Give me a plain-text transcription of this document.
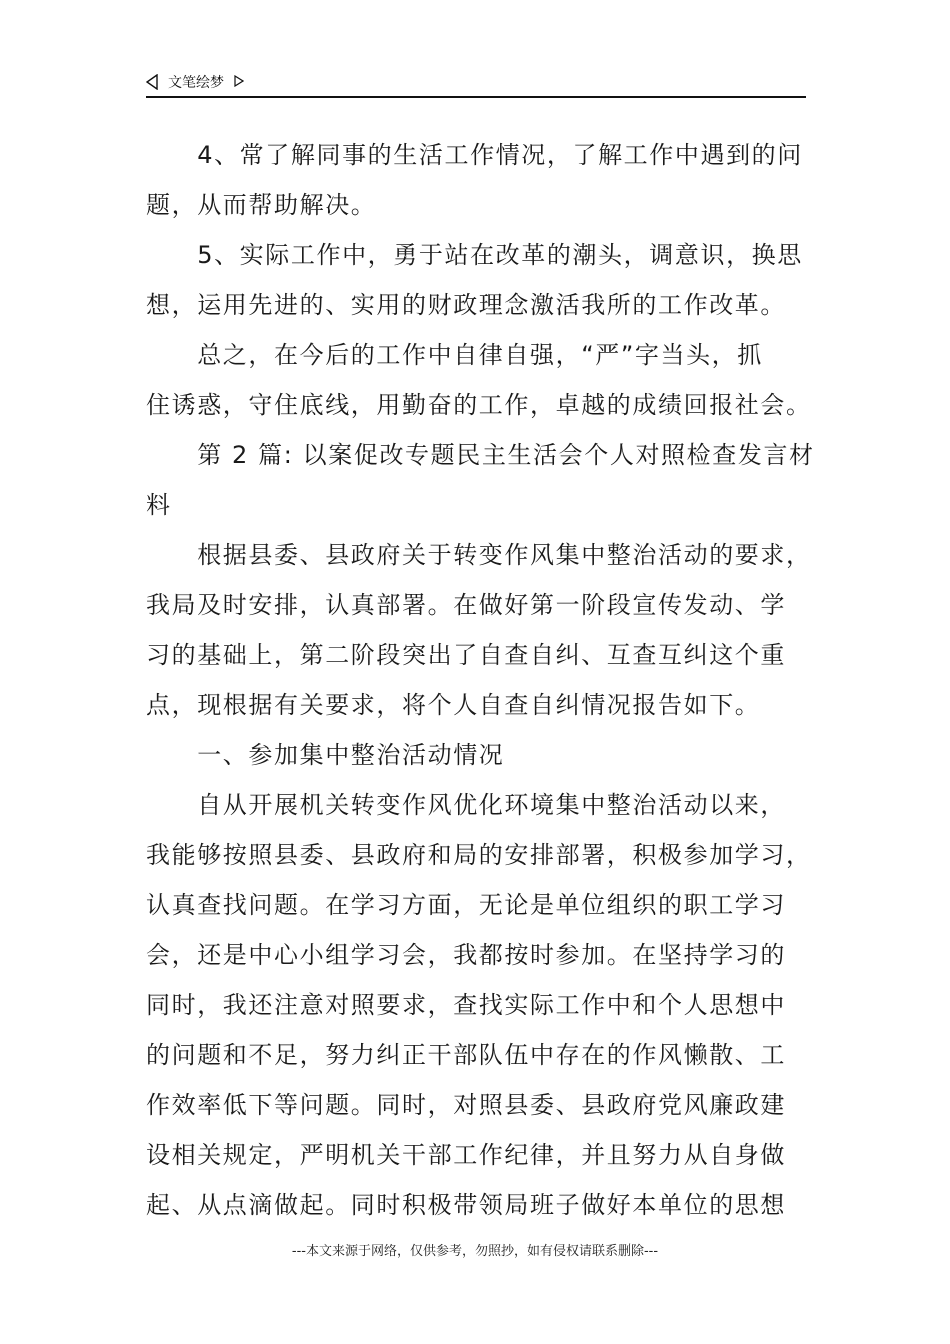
文笔绘梦
　　4、常了解同事的生活工作情况，了解工作中遇到的问
题，从而帮助解决。
　　5、实际工作中，勇于站在改革的潮头，调意识，换思
想，运用先进的、实用的财政理念激活我所的工作改革。
　　总之，在今后的工作中自律自强，“严”字当头，抓
住诱惑，守住底线，用勤奋的工作，卓越的成绩回报社会。
　　第 2 篇: 以案促改专题民主生活会个人对照检查发言材
料
　　根据县委、县政府关于转变作风集中整治活动的要求，
我局及时安排，认真部署。在做好第一阶段宣传发动、学
习的基础上，第二阶段突出了自查自纠、互查互纠这个重
点，现根据有关要求，将个人自查自纠情况报告如下。
　　一、参加集中整治活动情况
　　自从开展机关转变作风优化环境集中整治活动以来，
我能够按照县委、县政府和局的安排部署，积极参加学习，
认真查找问题。在学习方面，无论是单位组织的职工学习
会，还是中心小组学习会，我都按时参加。在坚持学习的
同时，我还注意对照要求，查找实际工作中和个人思想中
的问题和不足，努力纠正干部队伍中存在的作风懒散、工
作效率低下等问题。同时，对照县委、县政府党风廉政建
设相关规定，严明机关干部工作纪律，并且努力从自身做
起、从点滴做起。同时积极带领局班子做好本单位的思想
---本文来源于网络，仅供参考，勿照抄，如有侵权请联系删除---
